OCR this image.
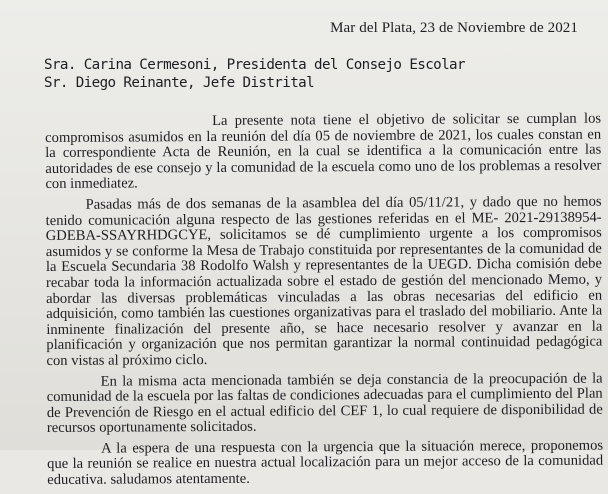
Mar del Plata, 23 de Noviembre de 2021
Sra. Carina Cermesoni, Presidenta del Consejo Escolar
Sr. Diego Reinante, Jefe Distrital

La presente nota tiene el objetivo de solicitar se cumplan los compromisos asumidos en la reunión del día 05 de noviembre de 2021, los cuales constan en la correspondiente Acta de Reunión, en la cual se identifica a la comunicación entre las autoridades de ese consejo y la comunidad de la escuela como uno de los problemas a resolver con inmediatez.

Pasadas más de dos semanas de la asamblea del día 05/11/21, y dado que no hemos tenido comunicación alguna respecto de las gestiones referidas en el ME- 2021-29138954-GDEBA-SSAYRHDGCYE, solicitamos se dé cumplimiento urgente a los compromisos asumidos y se conforme la Mesa de Trabajo constituida por representantes de la comunidad de la Escuela Secundaria 38 Rodolfo Walsh y representantes de la UEGD. Dicha comisión debe recabar toda la información actualizada sobre el estado de gestión del mencionado Memo, y abordar las diversas problemáticas vinculadas a las obras necesarias del edificio en adquisición, como también las cuestiones organizativas para el traslado del mobiliario. Ante la inminente finalización del presente año, se hace necesario resolver y avanzar en la planificación y organización que nos permitan garantizar la normal continuidad pedagógica con vistas al próximo ciclo.

En la misma acta mencionada también se deja constancia de la preocupación de la comunidad de la escuela por las faltas de condiciones adecuadas para el cumplimiento del Plan de Prevención de Riesgo en el actual edificio del CEF 1, lo cual requiere de disponibilidad de recursos oportunamente solicitados.

A la espera de una respuesta con la urgencia que la situación merece, proponemos que la reunión se realice en nuestra actual localización para un mejor acceso de la comunidad educativa. saludamos atentamente.
